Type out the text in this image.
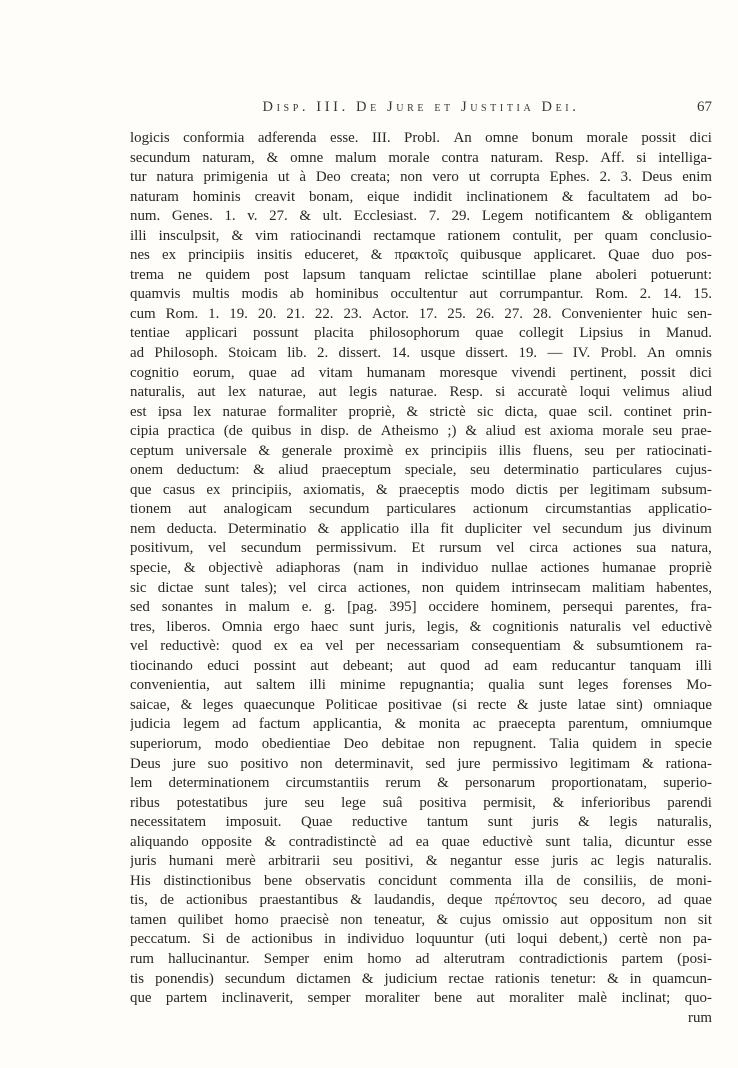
Disp. III. De Jure et Justitia Dei.	67
logicis conformia adferenda esse. III. Probl. An omne bonum morale possit dici
secundum naturam, & omne malum morale contra naturam. Resp. Aff. si intelliga-
tur natura primigenia ut à Deo creata; non vero ut corrupta Ephes. 2. 3. Deus enim
naturam hominis creavit bonam, eique indidit inclinationem & facultatem ad bo-
num. Genes. 1. v. 27. & ult. Ecclesiast. 7. 29. Legem notificantem & obligantem
illi insculpsit, & vim ratiocinandi rectamque rationem contulit, per quam conclusio-
nes ex principiis insitis educeret, & πρακτοῖς quibusque applicaret. Quae duo pos-
trema ne quidem post lapsum tanquam relictae scintillae plane aboleri potuerunt:
quamvis multis modis ab hominibus occultentur aut corrumpantur. Rom. 2. 14. 15.
cum Rom. 1. 19. 20. 21. 22. 23. Actor. 17. 25. 26. 27. 28. Convenienter huic sen-
tentiae applicari possunt placita philosophorum quae collegit Lipsius in Manud.
ad Philosoph. Stoicam lib. 2. dissert. 14. usque dissert. 19. — IV. Probl. An omnis
cognitio eorum, quae ad vitam humanam moresque vivendi pertinent, possit dici
naturalis, aut lex naturae, aut legis naturae. Resp. si accuratè loqui velimus aliud
est ipsa lex naturae formaliter propriè, & strictè sic dicta, quae scil. continet prin-
cipia practica (de quibus in disp. de Atheismo ;) & aliud est axioma morale seu prae-
ceptum universale & generale proximè ex principiis illis fluens, seu per ratiocinati-
onem deductum: & aliud praeceptum speciale, seu determinatio particulares cujus-
que casus ex principiis, axiomatis, & praeceptis modo dictis per legitimam subsum-
tionem aut analogicam secundum particulares actionum circumstantias applicatio-
nem deducta. Determinatio & applicatio illa fit dupliciter vel secundum jus divinum
positivum, vel secundum permissivum. Et rursum vel circa actiones sua natura,
specie, & objectivè adiaphoras (nam in individuo nullae actiones humanae propriè
sic dictae sunt tales); vel circa actiones, non quidem intrinsecam malitiam habentes,
sed sonantes in malum e. g. [pag. 395] occidere hominem, persequi parentes, fra-
tres, liberos. Omnia ergo haec sunt juris, legis, & cognitionis naturalis vel eductivè
vel reductivè: quod ex ea vel per necessariam consequentiam & subsumtionem ra-
tiocinando educi possint aut debeant; aut quod ad eam reducantur tanquam illi
convenientia, aut saltem illi minime repugnantia; qualia sunt leges forenses Mo-
saicae, & leges quaecunque Politicae positivae (si recte & juste latae sint) omniaque
judicia legem ad factum applicantia, & monita ac praecepta parentum, omniumque
superiorum, modo obedientiae Deo debitae non repugnent. Talia quidem in specie
Deus jure suo positivo non determinavit, sed jure permissivo legitimam & rationa-
lem determinationem circumstantiis rerum & personarum proportionatam, superio-
ribus potestatibus jure seu lege suâ positiva permisit, & inferioribus parendi
necessitatem imposuit. Quae reductive tantum sunt juris & legis naturalis,
aliquando opposite & contradistinctè ad ea quae eductivè sunt talia, dicuntur esse
juris humani merè arbitrarii seu positivi, & negantur esse juris ac legis naturalis.
His distinctionibus bene observatis concidunt commenta illa de consiliis, de moni-
tis, de actionibus praestantibus & laudandis, deque πρέποντος seu decoro, ad quae
tamen quilibet homo praecisè non teneatur, & cujus omissio aut oppositum non sit
peccatum. Si de actionibus in individuo loquuntur (uti loqui debent,) certè non pa-
rum hallucinantur. Semper enim homo ad alterutram contradictionis partem (posi-
tis ponendis) secundum dictamen & judicium rectae rationis tenetur: & in quamcun-
que partem inclinaverit, semper moraliter bene aut moraliter malè inclinat; quo-
rum
